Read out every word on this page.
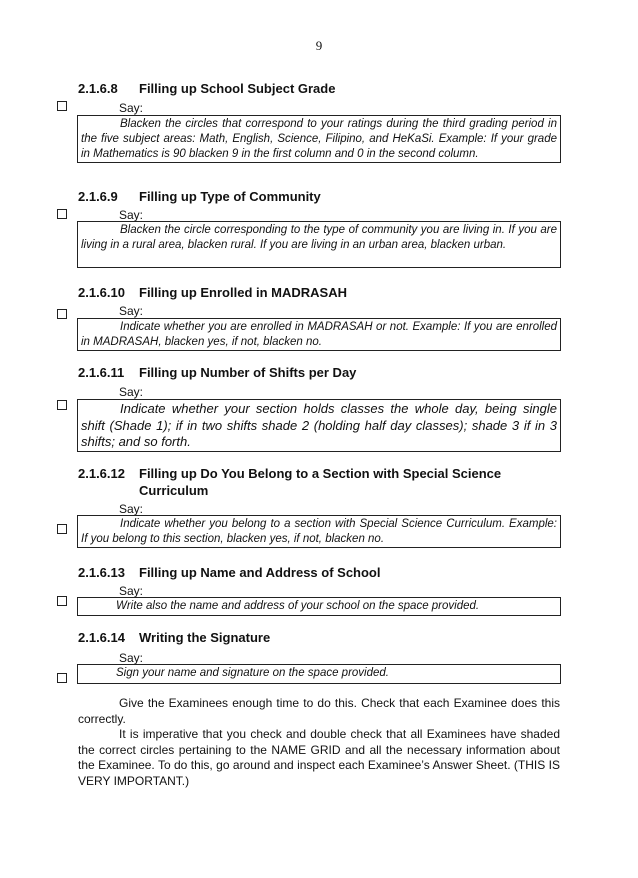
9
2.1.6.8 Filling up School Subject Grade
Say:
Blacken the circles that correspond to your ratings during the third grading period in the five subject areas: Math, English, Science, Filipino, and HeKaSi. Example: If your grade in Mathematics is 90 blacken 9 in the first column and 0 in the second column.
2.1.6.9 Filling up Type of Community
Say:
Blacken the circle corresponding to the type of community you are living in. If you are living in a rural area, blacken rural. If you are living in an urban area, blacken urban.
2.1.6.10 Filling up Enrolled in MADRASAH
Say:
Indicate whether you are enrolled in MADRASAH or not. Example: If you are enrolled in MADRASAH, blacken yes, if not, blacken no.
2.1.6.11 Filling up Number of Shifts per Day
Say:
Indicate whether your section holds classes the whole day, being single shift (Shade 1); if in two shifts shade 2 (holding half day classes); shade 3 if in 3 shifts; and so forth.
2.1.6.12 Filling up Do You Belong to a Section with Special Science
Curriculum
Say:
Indicate whether you belong to a section with Special Science Curriculum. Example: If you belong to this section, blacken yes, if not, blacken no.
2.1.6.13 Filling up Name and Address of School
Say:
Write also the name and address of your school on the space provided.
2.1.6.14 Writing the Signature
Say:
Sign your name and signature on the space provided.
Give the Examinees enough time to do this. Check that each Examinee does this correctly.
It is imperative that you check and double check that all Examinees have shaded the correct circles pertaining to the NAME GRID and all the necessary information about the Examinee. To do this, go around and inspect each Examinee’s Answer Sheet. (THIS IS VERY IMPORTANT.)
